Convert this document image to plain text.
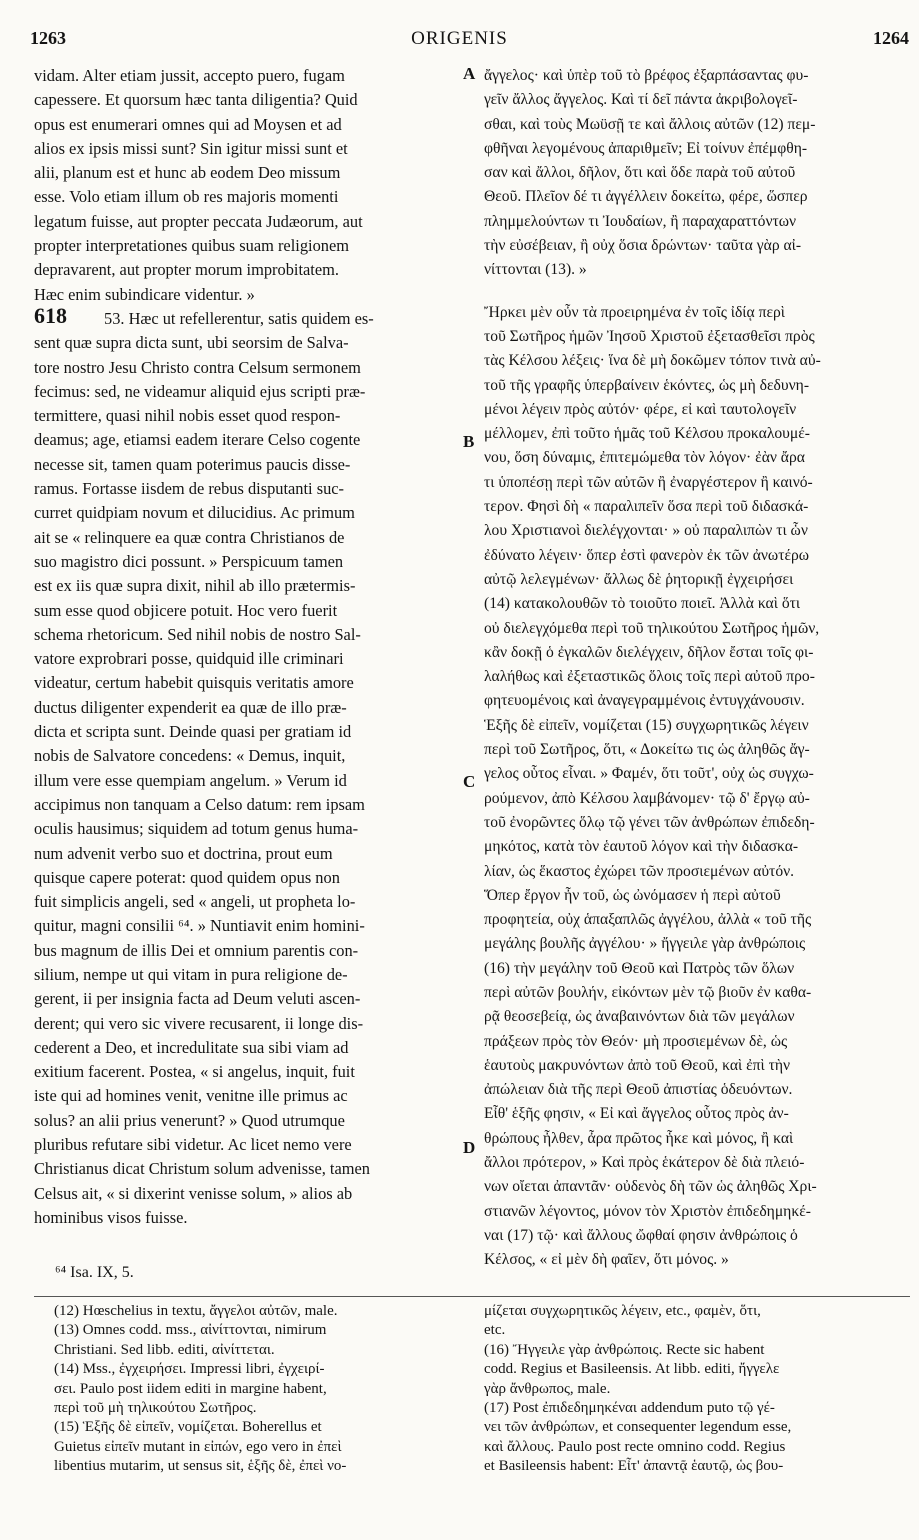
1263	ORIGENIS	1264
vidam. Alter etiam jussit, accepto puero, fugam
capessere. Et quorsum hæc tanta diligentia? Quid
opus est enumerari omnes qui ad Moysen et ad
alios ex ipsis missi sunt? Sin igitur missi sunt et
alii, planum est et hunc ab eodem Deo missum
esse. Volo etiam illum ob res majoris momenti
legatum fuisse, aut propter peccata Judæorum, aut
propter interpretationes quibus suam religionem
depravarent, aut propter morum improbitatem.
Hæc enim subindicare videntur. »
53. Hæc ut refellerentur, satis quidem es-
sent quæ supra dicta sunt, ubi seorsim de Salva-
tore nostro Jesu Christo contra Celsum sermonem
fecimus: sed, ne videamur aliquid ejus scripti præ-
termittere, quasi nihil nobis esset quod respon-
deamus; age, etiamsi eadem iterare Celso cogente
necesse sit, tamen quam poterimus paucis disse-
ramus. Fortasse iisdem de rebus disputanti suc-
curret quidpiam novum et dilucidius. Ac primum
ait se « relinquere ea quæ contra Christianos de
suo magistro dici possunt. » Perspicuum tamen
est ex iis quæ supra dixit, nihil ab illo prætermis-
sum esse quod objicere potuit. Hoc vero fuerit
schema rhetoricum. Sed nihil nobis de nostro Sal-
vatore exprobrari posse, quidquid ille criminari
videatur, certum habebit quisquis veritatis amore
ductus diligenter expenderit ea quæ de illo præ-
dicta et scripta sunt. Deinde quasi per gratiam id
nobis de Salvatore concedens: « Demus, inquit,
illum vere esse quempiam angelum. » Verum id
accipimus non tanquam a Celso datum: rem ipsam
oculis hausimus; siquidem ad totum genus huma-
num advenit verbo suo et doctrina, prout eum
quisque capere poterat: quod quidem opus non
fuit simplicis angeli, sed « angeli, ut propheta lo-
quitur, magni consilii ⁶⁴. » Nuntiavit enim homini-
bus magnum de illis Dei et omnium parentis con-
silium, nempe ut qui vitam in pura religione de-
gerent, ii per insignia facta ad Deum veluti ascen-
derent; qui vero sic vivere recusarent, ii longe dis-
cederent a Deo, et incredulitate sua sibi viam ad
exitium facerent. Postea, « si angelus, inquit, fuit
iste qui ad homines venit, venitne ille primus ac
solus? an alii prius venerunt? » Quod utrumque
pluribus refutare sibi videtur. Ac licet nemo vere
Christianus dicat Christum solum advenisse, tamen
Celsus ait, « si dixerint venisse solum, » alios ab
hominibus visos fuisse.
ἄγγελος· καὶ ὑπὲρ τοῦ τὸ βρέφος ἐξαρπάσαντας φυ-
γεῖν ἄλλος ἄγγελος. Καὶ τί δεῖ πάντα ἀκριβολογεῖ-
σθαι, καὶ τοὺς Μωϋσῇ τε καὶ ἄλλοις αὐτῶν (12) πεμ-
φθῆναι λεγομένους ἀπαριθμεῖν; Εἰ τοίνυν ἐπέμφθη-
σαν καὶ ἄλλοι, δῆλον, ὅτι καὶ ὅδε παρὰ τοῦ αὐτοῦ
Θεοῦ. Πλεῖον δέ τι ἀγγέλλειν δοκείτω, φέρε, ὥσπερ
πλημμελούντων τι Ἰουδαίων, ἢ παραχαραττόντων
τὴν εὐσέβειαν, ἢ οὐχ ὅσια δρώντων· ταῦτα γὰρ αἰ-
νίττονται (13). »
Ἤρκει μὲν οὖν τὰ προειρημένα ἐν τοῖς ἰδίᾳ περὶ
τοῦ Σωτῆρος ἡμῶν Ἰησοῦ Χριστοῦ ἐξετασθεῖσι πρὸς
τὰς Κέλσου λέξεις· ἵνα δὲ μὴ δοκῶμεν τόπον τινὰ αὐ-
τοῦ τῆς γραφῆς ὑπερβαίνειν ἑκόντες, ὡς μὴ δεδυνη-
μένοι λέγειν πρὸς αὐτόν· φέρε, εἰ καὶ ταυτολογεῖν
μέλλομεν, ἐπὶ τοῦτο ἡμᾶς τοῦ Κέλσου προκαλουμέ-
νου, ὅση δύναμις, ἐπιτεμώμεθα τὸν λόγον· ἐὰν ἄρα
τι ὑποπέσῃ περὶ τῶν αὐτῶν ἢ ἐναργέστερον ἢ καινό-
τερον. Φησὶ δὴ « παραλιπεῖν ὅσα περὶ τοῦ διδασκά-
λου Χριστιανοὶ διελέγχονται· » οὐ παραλιπὼν τι ὧν
ἐδύνατο λέγειν· ὅπερ ἐστὶ φανερὸν ἐκ τῶν ἀνωτέρω
αὐτῷ λελεγμένων· ἄλλως δὲ ῥητορικῇ ἐγχειρήσει
(14) κατακολουθῶν τὸ τοιοῦτο ποιεῖ. Ἀλλὰ καὶ ὅτι
οὐ διελεγχόμεθα περὶ τοῦ τηλικούτου Σωτῆρος ἡμῶν,
κἂν δοκῇ ὁ ἐγκαλῶν διελέγχειν, δῆλον ἔσται τοῖς φι-
λαλήθως καὶ ἐξεταστικῶς ὅλοις τοῖς περὶ αὐτοῦ προ-
φητευομένοις καὶ ἀναγεγραμμένοις ἐντυγχάνουσιν.
Ἑξῆς δὲ εἰπεῖν, νομίζεται (15) συγχωρητικῶς λέγειν
περὶ τοῦ Σωτῆρος, ὅτι, « Δοκείτω τις ὡς ἀληθῶς ἄγ-
γελος οὗτος εἶναι. » Φαμέν, ὅτι τοῦτ', οὐχ ὡς συγχω-
ρούμενον, ἀπὸ Κέλσου λαμβάνομεν· τῷ δ' ἔργῳ αὐ-
τοῦ ἐνορῶντες ὅλῳ τῷ γένει τῶν ἀνθρώπων ἐπιδεδη-
μηκότος, κατὰ τὸν ἑαυτοῦ λόγον καὶ τὴν διδασκα-
λίαν, ὡς ἕκαστος ἐχώρει τῶν προσιεμένων αὐτόν.
Ὅπερ ἔργον ἦν τοῦ, ὡς ὠνόμασεν ἡ περὶ αὐτοῦ
προφητεία, οὐχ ἁπαξαπλῶς ἀγγέλου, ἀλλὰ « τοῦ τῆς
μεγάλης βουλῆς ἀγγέλου· » ἤγγειλε γὰρ ἀνθρώποις
(16) τὴν μεγάλην τοῦ Θεοῦ καὶ Πατρὸς τῶν ὅλων
περὶ αὐτῶν βουλήν, εἰκόντων μὲν τῷ βιοῦν ἐν καθα-
ρᾷ θεοσεβείᾳ, ὡς ἀναβαινόντων διὰ τῶν μεγάλων
πράξεων πρὸς τὸν Θεόν· μὴ προσιεμένων δὲ, ὡς
ἑαυτοὺς μακρυνόντων ἀπὸ τοῦ Θεοῦ, καὶ ἐπὶ τὴν
ἀπώλειαν διὰ τῆς περὶ Θεοῦ ἀπιστίας ὁδευόντων.
Εἶθ' ἑξῆς φησιν, « Εἰ καὶ ἄγγελος οὗτος πρὸς ἀν-
θρώπους ἦλθεν, ἆρα πρῶτος ἧκε καὶ μόνος, ἢ καὶ
ἄλλοι πρότερον, » Καὶ πρὸς ἑκάτερον δὲ διὰ πλειό-
νων οἴεται ἀπαντᾶν· οὐδενὸς δὴ τῶν ὡς ἀληθῶς Χρι-
στιανῶν λέγοντος, μόνον τὸν Χριστὸν ἐπιδεδημηκέ-
ναι (17) τῷ· καὶ ἄλλους ὤφθαί φησιν ἀνθρώποις ὁ
Κέλσος, « εἰ μὲν δὴ φαῖεν, ὅτι μόνος. »
618
A
B
C
D
⁶⁴ Isa. IX, 5.
(12) Hœschelius in textu, ἄγγελοι αὐτῶν, male.
(13) Omnes codd. mss., αἰνίττονται, nimirum
Christiani. Sed libb. editi, αἰνίττεται.
(14) Mss., ἐγχειρήσει. Impressi libri, ἐγχειρί-
σει. Paulo post iidem editi in margine habent,
περὶ τοῦ μὴ τηλικούτου Σωτῆρος.
(15) Ἑξῆς δὲ εἰπεῖν, νομίζεται. Boherellus et
Guietus εἰπεῖν mutant in εἰπών, ego vero in ἐπεὶ
libentius mutarim, ut sensus sit, ἑξῆς δὲ, ἐπεὶ νο-
μίζεται συγχωρητικῶς λέγειν, etc., φαμὲν, ὅτι,
etc.
(16) Ἤγγειλε γὰρ ἀνθρώποις. Recte sic habent
codd. Regius et Basileensis. At libb. editi, ἤγγελε
γὰρ ἄνθρωπος, male.
(17) Post ἐπιδεδημηκέναι addendum puto τῷ γέ-
νει τῶν ἀνθρώπων, et consequenter legendum esse,
καὶ ἄλλους. Paulo post recte omnino codd. Regius
et Basileensis habent: Εἶτ' ἀπαντᾷ ἑαυτῷ, ὡς βου-
